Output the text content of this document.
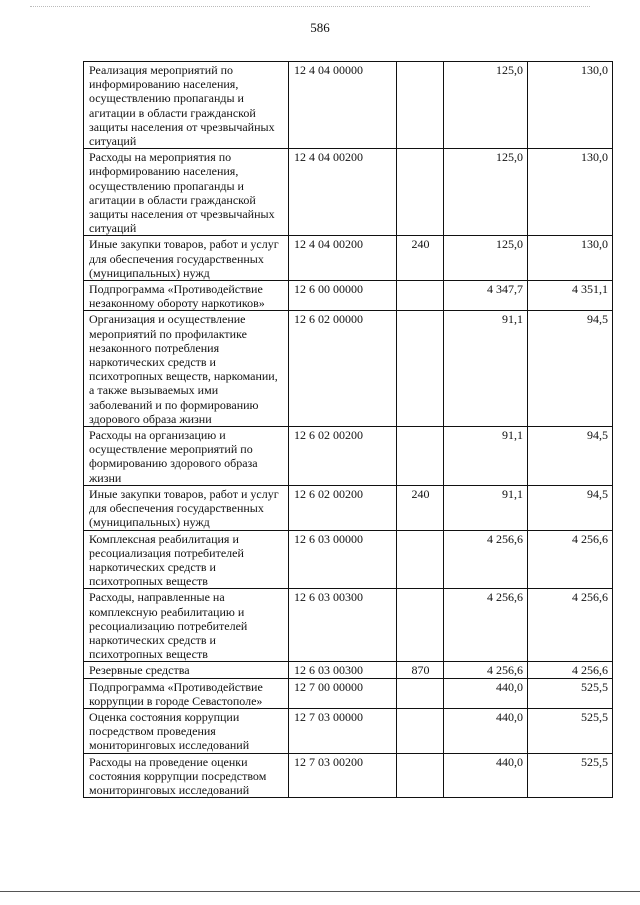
586
Реализация мероприятий по информированию населения, осуществлению пропаганды и агитации в области гражданской защиты населения от чрезвычайных ситуаций	12 4 04 00000		125,0	130,0
Расходы на мероприятия по информированию населения, осуществлению пропаганды и агитации в области гражданской защиты населения от чрезвычайных ситуаций	12 4 04 00200		125,0	130,0
Иные закупки товаров, работ и услуг для обеспечения государственных (муниципальных) нужд	12 4 04 00200	240	125,0	130,0
Подпрограмма «Противодействие незаконному обороту наркотиков»	12 6 00 00000		4 347,7	4 351,1
Организация и осуществление мероприятий по профилактике незаконного потребления наркотических средств и психотропных веществ, наркомании, а также вызываемых ими заболеваний и по формированию здорового образа жизни	12 6 02 00000		91,1	94,5
Расходы на организацию и осуществление мероприятий по формированию здорового образа жизни	12 6 02 00200		91,1	94,5
Иные закупки товаров, работ и услуг для обеспечения государственных (муниципальных) нужд	12 6 02 00200	240	91,1	94,5
Комплексная реабилитация и ресоциализация потребителей наркотических средств и психотропных веществ	12 6 03 00000		4 256,6	4 256,6
Расходы, направленные на комплексную реабилитацию и ресоциализацию потребителей наркотических средств и психотропных веществ	12 6 03 00300		4 256,6	4 256,6
Резервные средства	12 6 03 00300	870	4 256,6	4 256,6
Подпрограмма «Противодействие коррупции в городе Севастополе»	12 7 00 00000		440,0	525,5
Оценка состояния коррупции посредством проведения мониторинговых исследований	12 7 03 00000		440,0	525,5
Расходы на проведение оценки состояния коррупции посредством мониторинговых исследований	12 7 03 00200		440,0	525,5
